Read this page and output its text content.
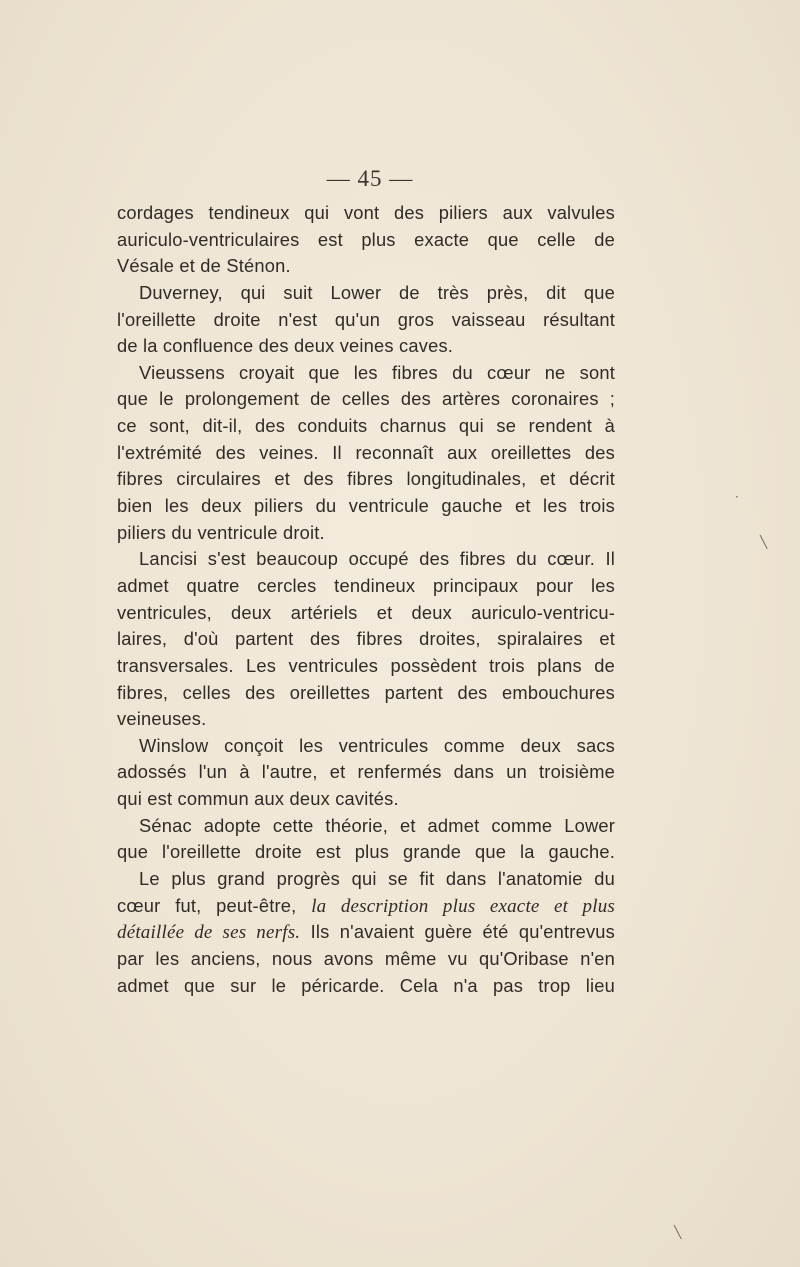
— 45 —
cordages tendineux qui vont des piliers aux valvules
auriculo-ventriculaires est plus exacte que celle de
Vésale et de Sténon.
Duverney, qui suit Lower de très près, dit que
l'oreillette droite n'est qu'un gros vaisseau résultant
de la confluence des deux veines caves.
Vieussens croyait que les fibres du cœur ne sont
que le prolongement de celles des artères coronaires ;
ce sont, dit-il, des conduits charnus qui se rendent à
l'extrémité des veines. Il reconnaît aux oreillettes des
fibres circulaires et des fibres longitudinales, et décrit
bien les deux piliers du ventricule gauche et les trois
piliers du ventricule droit.
Lancisi s'est beaucoup occupé des fibres du cœur. Il
admet quatre cercles tendineux principaux pour les
ventricules, deux artériels et deux auriculo-ventricu-
laires, d'où partent des fibres droites, spiralaires et
transversales. Les ventricules possèdent trois plans de
fibres, celles des oreillettes partent des embouchures
veineuses.
Winslow conçoit les ventricules comme deux sacs
adossés l'un à l'autre, et renfermés dans un troisième
qui est commun aux deux cavités.
Sénac adopte cette théorie, et admet comme Lower
que l'oreillette droite est plus grande que la gauche.
Le plus grand progrès qui se fit dans l'anatomie du
cœur fut, peut-être, la description plus exacte et plus
détaillée de ses nerfs. Ils n'avaient guère été qu'entrevus
par les anciens, nous avons même vu qu'Oribase n'en
admet que sur le péricarde. Cela n'a pas trop lieu
·
╲
╲
